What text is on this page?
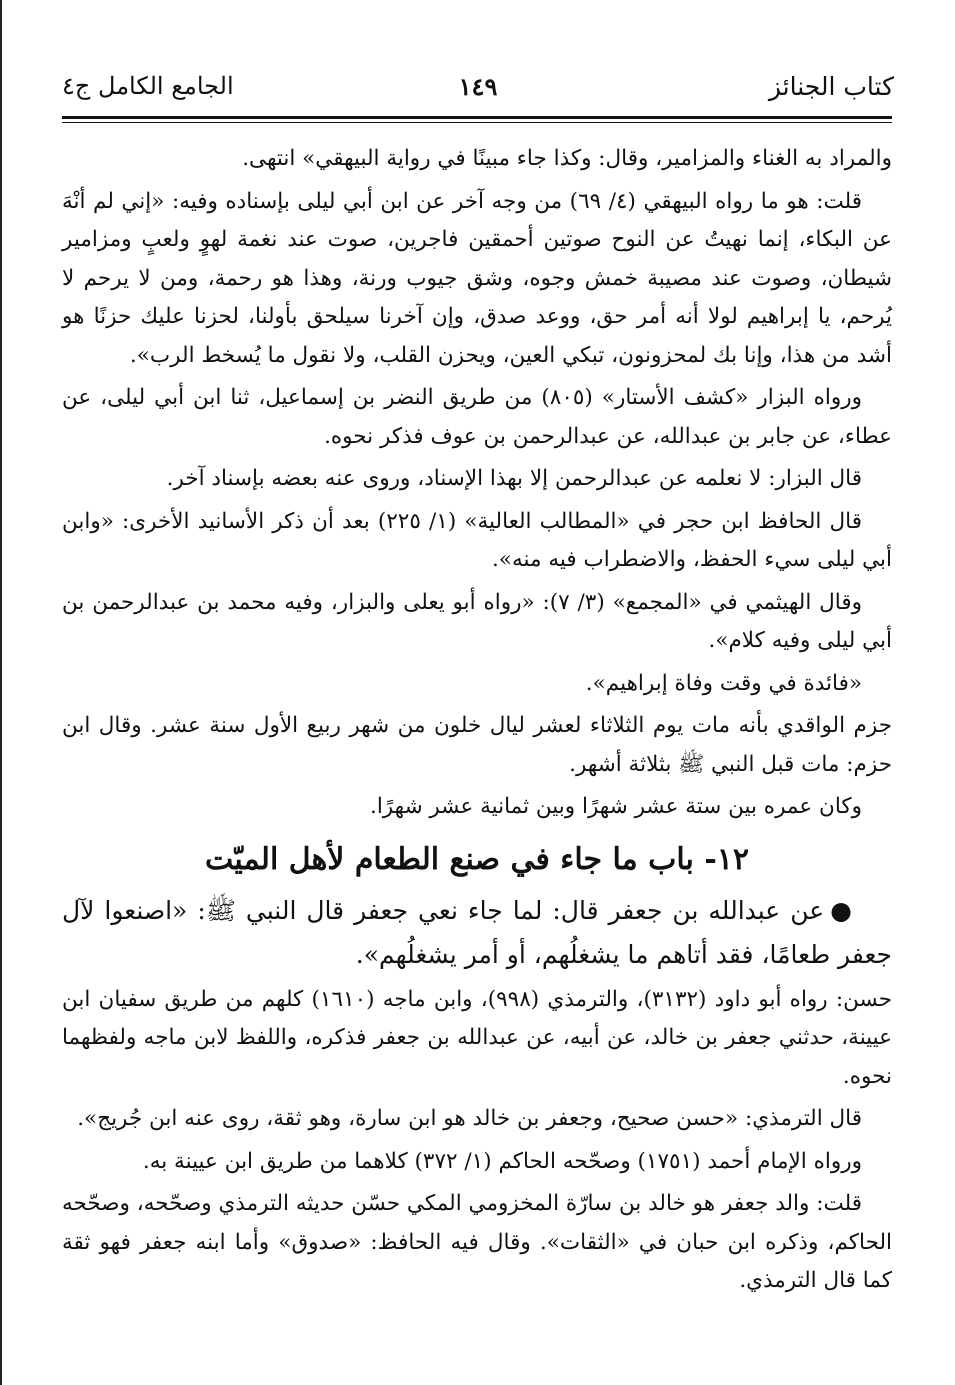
كتاب الجنائز
١٤٩
الجامع الكامل ج٤

والمراد به الغناء والمزامير، وقال: وكذا جاء مبينًا في رواية البيهقي» انتهى.

قلت: هو ما رواه البيهقي (٤/ ٦٩) من وجه آخر عن ابن أبي ليلى بإسناده وفيه: «إني لم أنْهَ عن البكاء، إنما نهيتُ عن النوح صوتين أحمقين فاجرين، صوت عند نغمة لهوٍ ولعبٍ ومزامير شيطان، وصوت عند مصيبة خمش وجوه، وشق جيوب ورنة، وهذا هو رحمة، ومن لا يرحم لا يُرحم، يا إبراهيم لولا أنه أمر حق، ووعد صدق، وإن آخرنا سيلحق بأولنا، لحزنا عليك حزنًا هو أشد من هذا، وإنا بك لمحزونون، تبكي العين، ويحزن القلب، ولا نقول ما يُسخط الرب».

ورواه البزار «كشف الأستار» (٨٠٥) من طريق النضر بن إسماعيل، ثنا ابن أبي ليلى، عن عطاء، عن جابر بن عبدالله، عن عبدالرحمن بن عوف فذكر نحوه.

قال البزار: لا نعلمه عن عبدالرحمن إلا بهذا الإسناد، وروى عنه بعضه بإسناد آخر.

قال الحافظ ابن حجر في «المطالب العالية» (١/ ٢٢٥) بعد أن ذكر الأسانيد الأخرى: «وابن أبي ليلى سيء الحفظ، والاضطراب فيه منه».

وقال الهيثمي في «المجمع» (٣/ ٧): «رواه أبو يعلى والبزار، وفيه محمد بن عبدالرحمن بن أبي ليلى وفيه كلام».

«فائدة في وقت وفاة إبراهيم».

جزم الواقدي بأنه مات يوم الثلاثاء لعشر ليال خلون من شهر ربيع الأول سنة عشر. وقال ابن حزم: مات قبل النبي ﷺ بثلاثة أشهر.

وكان عمره بين ستة عشر شهرًا وبين ثمانية عشر شهرًا.

١٢- باب ما جاء في صنع الطعام لأهل الميّت

●عن عبدالله بن جعفر قال: لما جاء نعي جعفر قال النبي ﷺ: «اصنعوا لآل جعفر طعامًا، فقد أتاهم ما يشغلُهم، أو أمر يشغلُهم».

حسن: رواه أبو داود (٣١٣٢)، والترمذي (٩٩٨)، وابن ماجه (١٦١٠) كلهم من طريق سفيان ابن عيينة، حدثني جعفر بن خالد، عن أبيه، عن عبدالله بن جعفر فذكره، واللفظ لابن ماجه ولفظهما نحوه.

قال الترمذي: «حسن صحيح، وجعفر بن خالد هو ابن سارة، وهو ثقة، روى عنه ابن جُريج».

ورواه الإمام أحمد (١٧٥١) وصحّحه الحاكم (١/ ٣٧٢) كلاهما من طريق ابن عيينة به.

قلت: والد جعفر هو خالد بن سارّة المخزومي المكي حسّن حديثه الترمذي وصحّحه، وصحّحه الحاكم، وذكره ابن حبان في «الثقات». وقال فيه الحافظ: «صدوق» وأما ابنه جعفر فهو ثقة كما قال الترمذي.
